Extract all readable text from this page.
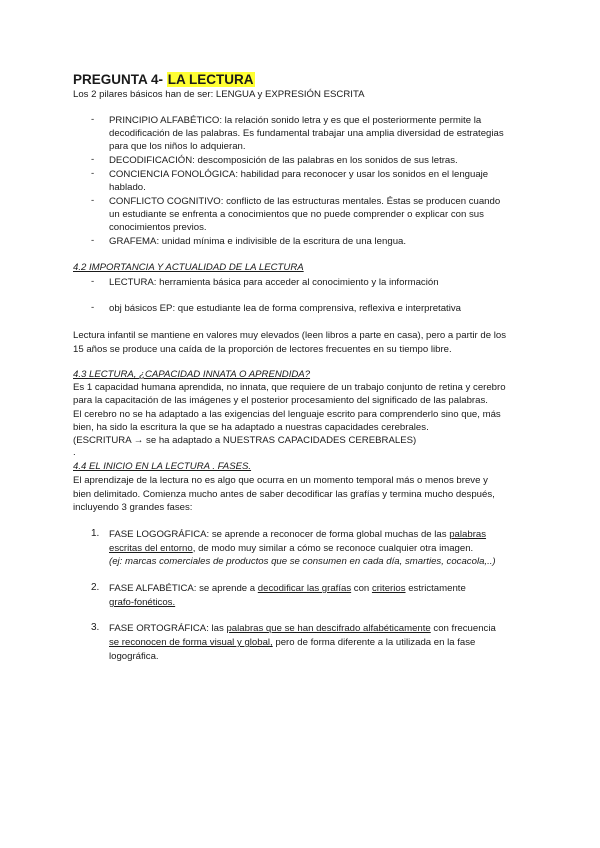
PREGUNTA 4- LA LECTURA
Los 2 pilares básicos han de ser: LENGUA y EXPRESIÓN ESCRITA
- PRINCIPIO ALFABÉTICO: la relación sonido letra y es que el posteriormente permite la
decodificación de las palabras. Es fundamental trabajar una amplia diversidad de estrategias
para que los niños lo adquieran.
- DECODIFICACIÓN: descomposición de las palabras en los sonidos de sus letras.
- CONCIENCIA FONOLÓGICA: habilidad para reconocer y usar los sonidos en el lenguaje
hablado.
- CONFLICTO COGNITIVO: conflicto de las estructuras mentales. Éstas se producen cuando
un estudiante se enfrenta a conocimientos que no puede comprender o explicar con sus
conocimientos previos.
- GRAFEMA: unidad mínima e indivisible de la escritura de una lengua.
4.2 IMPORTANCIA Y ACTUALIDAD DE LA LECTURA
- LECTURA: herramienta básica para acceder al conocimiento y la información
- obj básicos EP: que estudiante lea de forma comprensiva, reflexiva e interpretativa
Lectura infantil se mantiene en valores muy elevados (leen libros a parte en casa), pero a partir de los
15 años se produce una caída de la proporción de lectores frecuentes en su tiempo libre.
4.3 LECTURA, ¿CAPACIDAD INNATA O APRENDIDA?
Es 1 capacidad humana aprendida, no innata, que requiere de un trabajo conjunto de retina y cerebro
para la capacitación de las imágenes y el posterior procesamiento del significado de las palabras.
El cerebro no se ha adaptado a las exigencias del lenguaje escrito para comprenderlo sino que, más
bien, ha sido la escritura la que se ha adaptado a nuestras capacidades cerebrales.
(ESCRITURA → se ha adaptado a NUESTRAS CAPACIDADES CEREBRALES)
.
4.4 EL INICIO EN LA LECTURA . FASES.
El aprendizaje de la lectura no es algo que ocurra en un momento temporal más o menos breve y
bien delimitado. Comienza mucho antes de saber decodificar las grafías y termina mucho después,
incluyendo 3 grandes fases:
1. FASE LOGOGRÁFICA: se aprende a reconocer de forma global muchas de las palabras
escritas del entorno, de modo muy similar a cómo se reconoce cualquier otra imagen.
(ej: marcas comerciales de productos que se consumen en cada día, smarties, cocacola,..)
2. FASE ALFABÉTICA: se aprende a decodificar las grafías con criterios estrictamente
grafo-fonéticos.
3. FASE ORTOGRÁFICA: las palabras que se han descifrado alfabéticamente con frecuencia
se reconocen de forma visual y global, pero de forma diferente a la utilizada en la fase
logográfica.
